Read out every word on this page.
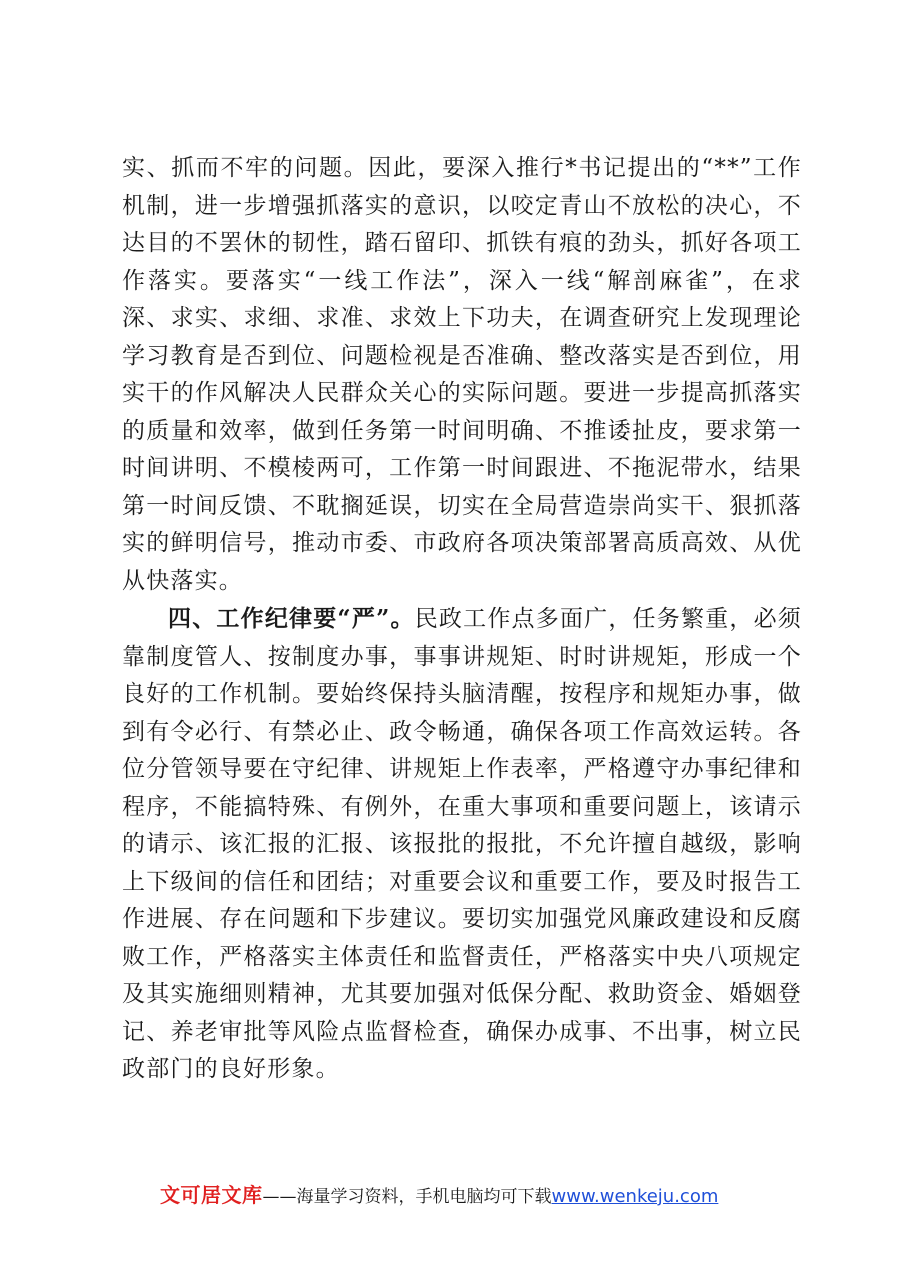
实、抓而不牢的问题。因此，要深入推行*书记提出的“**”工作机制，进一步增强抓落实的意识，以咬定青山不放松的决心，不达目的不罢休的韧性，踏石留印、抓铁有痕的劲头，抓好各项工作落实。要落实“一线工作法”，深入一线“解剖麻雀”，在求深、求实、求细、求准、求效上下功夫，在调查研究上发现理论学习教育是否到位、问题检视是否准确、整改落实是否到位，用实干的作风解决人民群众关心的实际问题。要进一步提高抓落实的质量和效率，做到任务第一时间明确、不推诿扯皮，要求第一时间讲明、不模棱两可，工作第一时间跟进、不拖泥带水，结果第一时间反馈、不耽搁延误，切实在全局营造崇尚实干、狠抓落实的鲜明信号，推动市委、市政府各项决策部署高质高效、从优从快落实。

四、工作纪律要“严”。民政工作点多面广，任务繁重，必须靠制度管人、按制度办事，事事讲规矩、时时讲规矩，形成一个良好的工作机制。要始终保持头脑清醒，按程序和规矩办事，做到有令必行、有禁必止、政令畅通，确保各项工作高效运转。各位分管领导要在守纪律、讲规矩上作表率，严格遵守办事纪律和程序，不能搞特殊、有例外，在重大事项和重要问题上，该请示的请示、该汇报的汇报、该报批的报批，不允许擅自越级，影响上下级间的信任和团结；对重要会议和重要工作，要及时报告工作进展、存在问题和下步建议。要切实加强党风廉政建设和反腐败工作，严格落实主体责任和监督责任，严格落实中央八项规定及其实施细则精神，尤其要加强对低保分配、救助资金、婚姻登记、养老审批等风险点监督检查，确保办成事、不出事，树立民政部门的良好形象。

文可居文库——海量学习资料，手机电脑均可下载www.wenkeju.com
